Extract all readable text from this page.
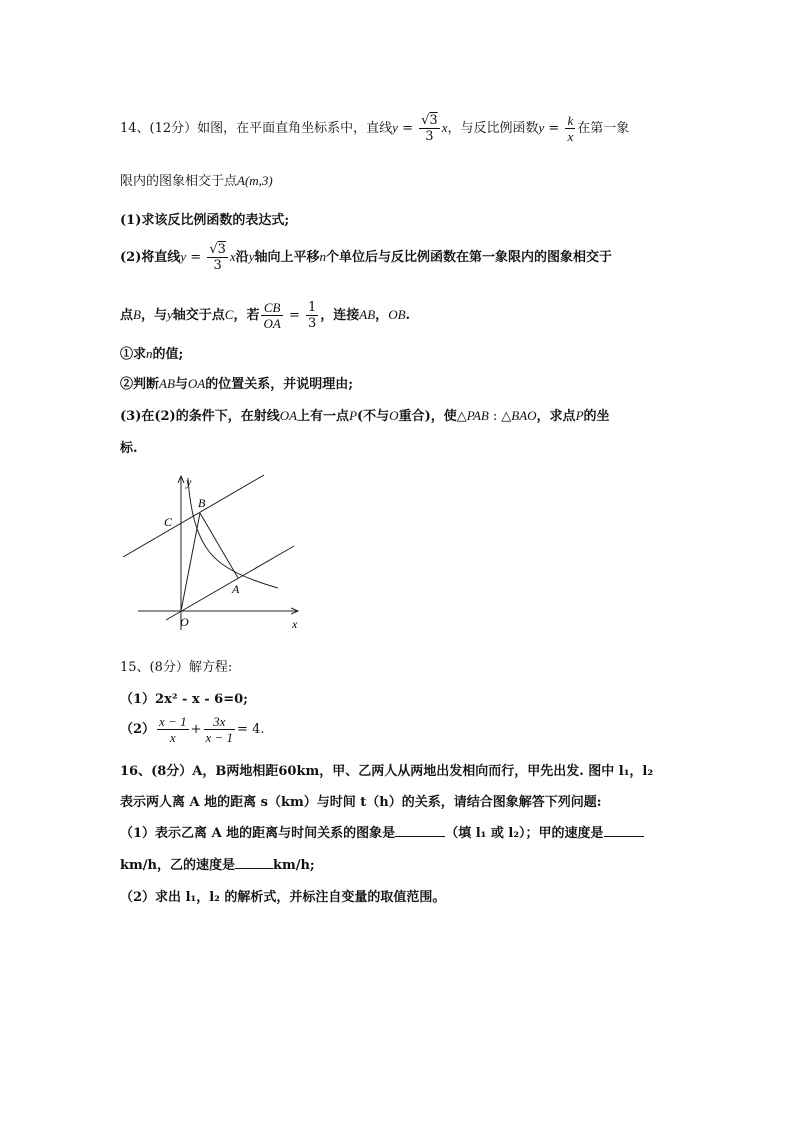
14、(12分）如图，在平面直角坐标系中，直线$y = \frac{√3}{3}$ x，与反比例函数$y = \frac{k}{x}$ 在第一象
限内的图象相交于点A(m,3)
(1)求该反比例函数的表达式;
(2)将直线$y = \frac{√3}{3}$ x沿y轴向上平移n个单位后与反比例函数在第一象限内的图象相交于
点B，与y轴交于点C，若 $\frac{CB}{OA} = \frac{1}{3}$ ，连接AB，OB.
①求n的值;
②判断AB与OA的位置关系，并说明理由;
(3)在(2)的条件下，在射线OA上有一点P(不与O重合)，使△PAB : △BAO，求点P的坐
标.
y
x
O
A
B
C
15、(8分）解方程:
（1）2x² - x - 6=0;
$(2) \frac{x - 1}{x} + \frac{3x}{x - 1} = 4$.
16、(8分）A，B两地相距60km，甲、乙两人从两地出发相向而行，甲先出发. 图中 l₁，l₂
表示两人离 A 地的距离 s（km）与时间 t（h）的关系，请结合图象解答下列问题:
（1）表示乙离 A 地的距离与时间关系的图象是	（填 l₁ 或 l₂）；甲的速度是
km/h，乙的速度是	km/h;
（2）求出 l₁，l₂ 的解析式，并标注自变量的取值范围。
